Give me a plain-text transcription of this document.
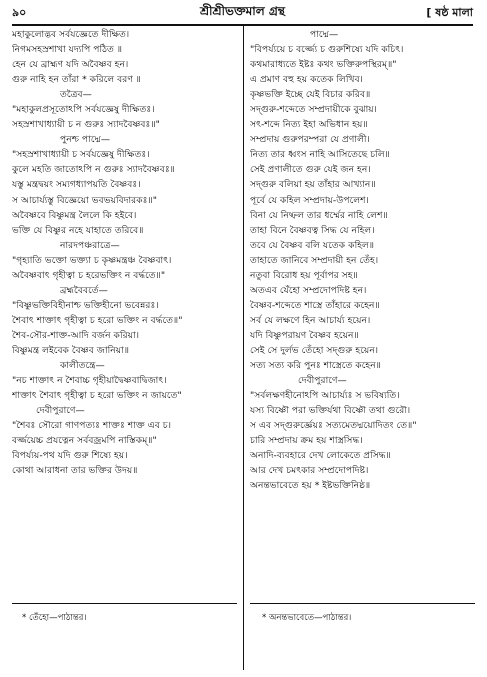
৯০	শ্রীশ্রীভক্তমাল গ্রন্থ	[ ষষ্ঠ মালা
মহাকুলোদ্ভব সর্বযজ্ঞেতে দীক্ষিত।
নিগমসহস্রশাখা যদ্যপি পঠিত ॥
হেন যে ব্রাহ্মণ যদি অবৈষ্ণব হন।
গুরু নাহি হন তাঁরা * করিলে বরণ ॥
তত্রৈব—
"মহাকুলপ্রসূতোঽপি সর্বযজ্ঞেষু দীক্ষিতঃ।
সহস্রশাখাধ্যায়ী চ ন গুরুঃ স্যাদবৈষ্ণবঃ॥"
পুনশ্চ পাদ্মে—
"সহস্রশাখাধ্যায়ী চ সর্বযজ্ঞেষু দীক্ষিতঃ।
কুলে মহতি জাতোঽপি ন গুরুঃ স্যাদবৈষ্ণবঃ॥
যস্তু মন্ত্রদ্বয়ং সম্যগধ্যাপয়তি বৈষ্ণবঃ।
স আচার্য্যস্তু বিজ্ঞেয়ো ভবভয়বিদারকঃ॥"
অবৈষ্ণবে বিষ্ণুমন্ত্র লৈলে কি হইবে।
ভক্তি যে বিষ্ণুর নহে যাহাতে তরিবে॥
নারদপঞ্চরাত্রে—
"গৃহ্যাতি ভক্তো ভক্ত্যা চ কৃষ্ণমন্ত্রঞ্চ বৈষ্ণবাৎ।
অবৈষ্ণবাৎ গৃহীত্বা চ হরেভক্তিং ন বর্দ্ধতে॥"
ব্রহ্মবৈবর্তে—
"বিষ্ণুভক্তিবিহীনাশ্চ ভক্তিহীনো ভবেন্নরঃ।
শৈবাৎ শাক্তাৎ গৃহীত্বা চ হরো ভক্তিং ন বর্দ্ধতে॥"
শৈব-সৌর-শাক্ত-আদি বর্জন করিয়া।
বিষ্ণুমন্ত্র লইবেক বৈষ্ণব জানিয়া॥
কালীতন্ত্রে—
"নচ শাক্তাৎ ন শৈবাচ্চ গৃহীয়াদ্বৈষ্ণবাদ্বিজাৎ।
শাক্তাৎ শৈবাৎ গৃহীত্বা চ হরো ভক্তিং ন জায়তে"
দেবীপুরাণে—
"শৈবঃ সৌরো গাণপত্যঃ শাক্তঃ শাক্ত এব চ।
বর্জ্জয়েচ্চ প্রযত্নেন সর্ববজ্রমপি নাস্তিকম্॥"
বিপর্য্যয়-পথ যদি গুরু শিষ্যে হয়।
কোথা আরাধনা তার ভক্তির উদয়॥
পাদ্মে—
"বিপর্য্যয়ে চ বর্জ্জ্যে চ গুরুশিষ্যে যদি কচিৎ।
কথমারাধ্যতে ইষ্টঃ কথং ভক্তিরুপস্থিরম্॥"
এ প্রমাণ বহু হয় কতেক লিখিব।
কৃষ্ণভক্তি ইচ্ছে যেই বিচার করিব॥
সদ্গুরু-শব্দেতে সম্প্রদায়ীকে বুঝায়।
সৎ-শব্দে নিত্য ইহা অভিধান হয়॥
সম্প্রদায় গুরুপরম্পরা যে প্রণালী।
নিত্য তার ধ্বংস নাহি আসিতেছে চলি॥
সেই প্রণালীতে গুরু যেই জন হন।
সদ্গুরু বলিয়া হয় তাঁহার আখ্যান॥
পূর্বে যে কহিল সম্প্রদায়-উপলেশ।
বিনা যে নিষ্ফল তার ধর্ম্মের নাহি লেশ॥
তাহা বিনে বৈষ্ণবত্ব সিদ্ধ যে নহিল।
তবে যে বৈষ্ণব বলি যতেক কহিল॥
তাহাতে জানিবে সম্প্রদায়ী হন তেঁহ।
নতুবা বিরোধ হয় পূর্বাপর সহ॥
অতএব যেঁহো সম্প্রদোপদিষ্ট হন।
বৈষ্ণব-শব্দেতে শাস্ত্রে তাঁহারে কহেন॥
সর্ব যে লক্ষণে হিন আচার্য্য হয়েন।
যদি বিষ্ণুপরায়ণ বৈষ্ণব হয়েন॥
সেই সে দুর্লভ তেঁহো সদ্গুরু হয়েন।
সত্য সত্য করি পুনঃ শাস্ত্রেতে কহেন॥
দেবীপুরাণে—
"সর্বলক্ষণহীনোঽপি আচার্য্যঃ স ভবিষ্যতি।
যস্য বিষ্ণৌ পরা ভক্তির্যথা বিষ্ণৌ তথা গুরৌ।
স এব সদ্গুরুর্জ্ঞেয়ঃ সত্যমেতদ্ময়োদিতং তে॥"
চারি সম্প্রদায় ক্রম হয় শাস্ত্রসিদ্ধ।
অনাদি-ব্যবহারে দেখ লোকেতে প্রসিদ্ধ॥
আর দেখ চমৎকার সম্প্রদোপদিষ্ট।
অনন্তভাবেতে হয় * ইষ্টভক্তিনিষ্ঠ॥
* তেঁহো—পাঠান্তর।	* অনন্তভাবেতে—পাঠান্তর।
